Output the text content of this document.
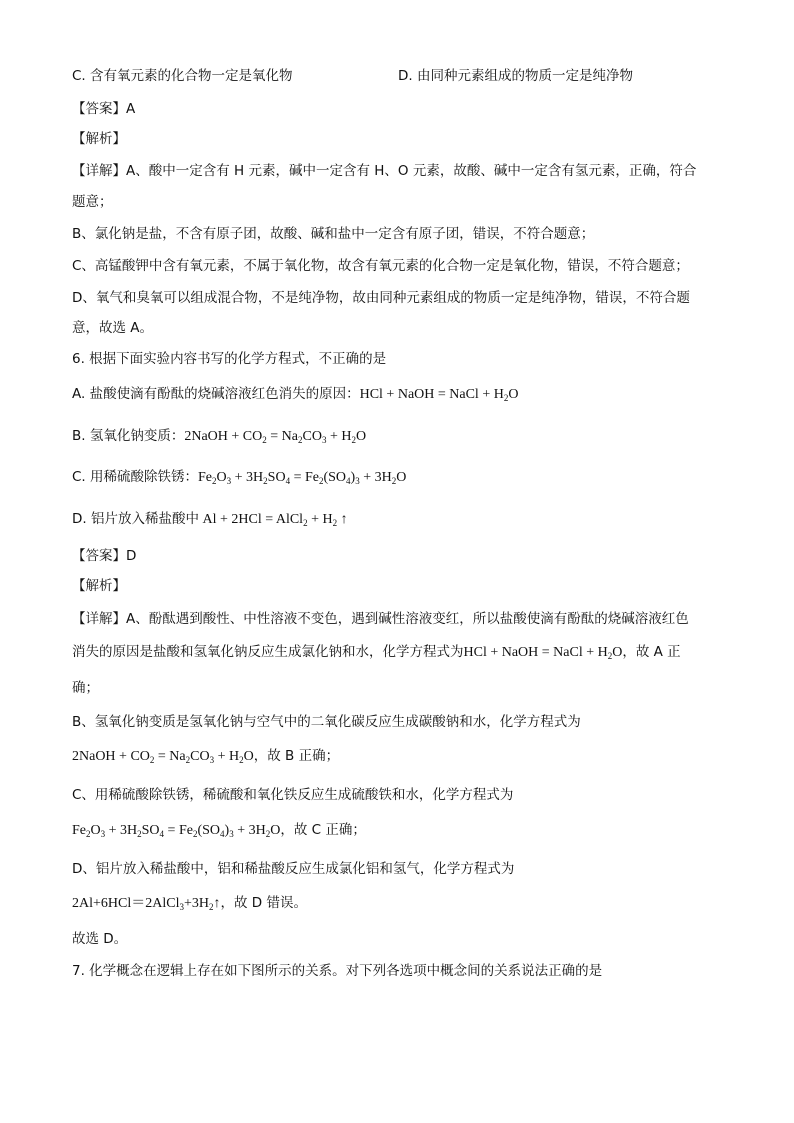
C. 含有氧元素的化合物一定是氧化物	D. 由同种元素组成的物质一定是纯净物
【答案】A
【解析】
【详解】A、酸中一定含有 H 元素，碱中一定含有 H、O 元素，故酸、碱中一定含有氢元素，正确，符合
题意；
B、氯化钠是盐，不含有原子团，故酸、碱和盐中一定含有原子团，错误，不符合题意；
C、高锰酸钾中含有氧元素，不属于氧化物，故含有氧元素的化合物一定是氧化物，错误，不符合题意；
D、氧气和臭氧可以组成混合物，不是纯净物，故由同种元素组成的物质一定是纯净物，错误，不符合题
意，故选 A。
6. 根据下面实验内容书写的化学方程式，不正确的是
A. 盐酸使滴有酚酞的烧碱溶液红色消失的原因：HCl + NaOH = NaCl + $H_2O$
B. 氢氧化钠变质：2NaOH + $CO_2 = Na_2CO_3 + H_2O$
C. 用稀硫酸除铁锈：$Fe_2O_3 + 3H_2SO_4 = Fe_2(SO_4)_3 + 3H_2O$
D. 铝片放入稀盐酸中 Al + 2HCl = AlCl$_2$ + $H_2$ ↑
【答案】D
【解析】
【详解】A、酚酞遇到酸性、中性溶液不变色，遇到碱性溶液变红，所以盐酸使滴有酚酞的烧碱溶液红色
消失的原因是盐酸和氢氧化钠反应生成氯化钠和水，化学方程式为HCl + NaOH = NaCl + $H_2O$，故 A 正
确；
B、氢氧化钠变质是氢氧化钠与空气中的二氧化碳反应生成碳酸钠和水，化学方程式为
2NaOH + $CO_2 = Na_2CO_3 + H_2O$，故 B 正确；
C、用稀硫酸除铁锈，稀硫酸和氧化铁反应生成硫酸铁和水，化学方程式为
$Fe_2O_3 + 3H_2SO_4 = Fe_2(SO_4)_3 + 3H_2O$，故 C 正确；
D、铝片放入稀盐酸中，铝和稀盐酸反应生成氯化铝和氢气，化学方程式为
$2Al+6HCl=2AlCl_3+3H_2↑$，故 D 错误。
故选 D。
7. 化学概念在逻辑上存在如下图所示的关系。对下列各选项中概念间的关系说法正确的是
